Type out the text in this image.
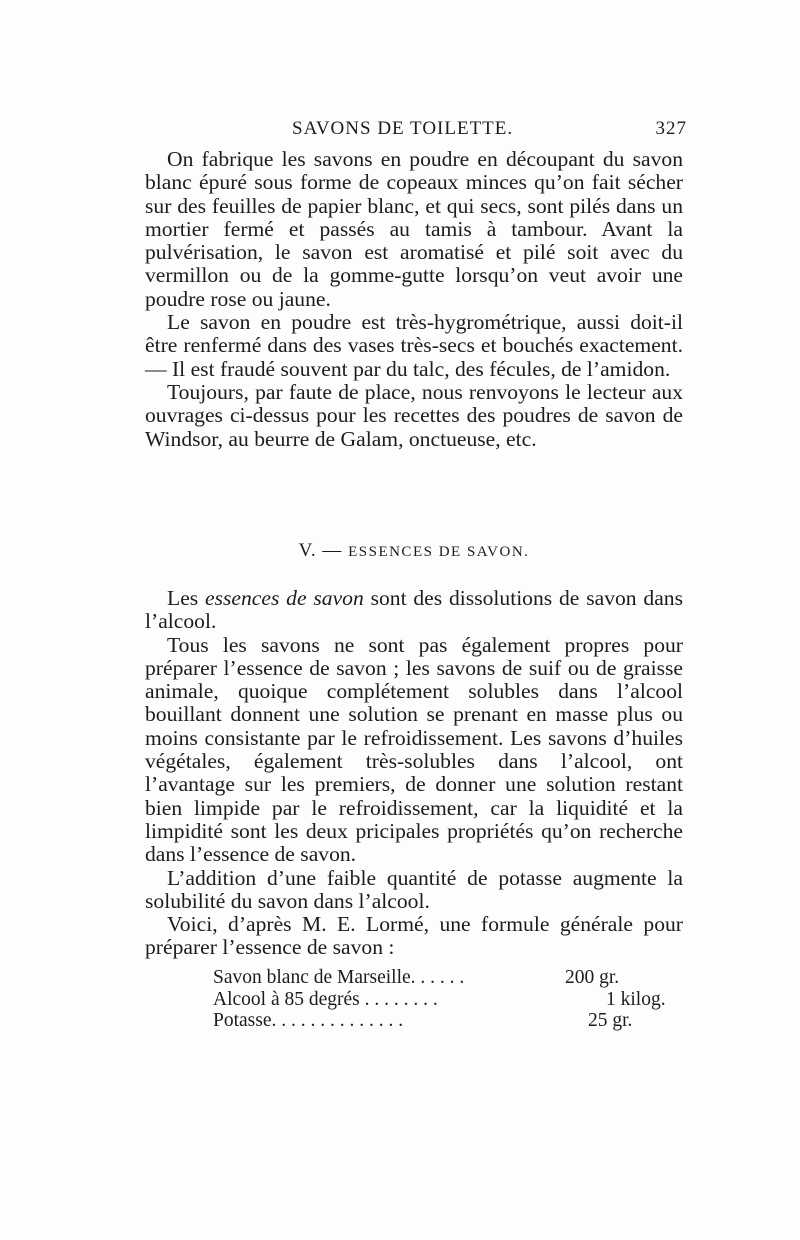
SAVONS DE TOILETTE.	327

On fabrique les savons en poudre en découpant du savon blanc épuré sous forme de copeaux minces qu’on fait sécher sur des feuilles de papier blanc, et qui secs, sont pilés dans un mortier fermé et passés au tamis à tambour. Avant la pulvérisation, le savon est aromatisé et pilé soit avec du vermillon ou de la gomme-gutte lorsqu’on veut avoir une poudre rose ou jaune.

Le savon en poudre est très-hygrométrique, aussi doit-il être renfermé dans des vases très-secs et bouchés exactement. — Il est fraudé souvent par du talc, des fécules, de l’amidon.

Toujours, par faute de place, nous renvoyons le lecteur aux ouvrages ci-dessus pour les recettes des poudres de savon de Windsor, au beurre de Galam, onctueuse, etc.

V. — ESSENCES DE SAVON.

Les essences de savon sont des dissolutions de savon dans l’alcool.

Tous les savons ne sont pas également propres pour préparer l’essence de savon ; les savons de suif ou de graisse animale, quoique complétement solubles dans l’alcool bouillant donnent une solution se prenant en masse plus ou moins consistante par le refroidissement. Les savons d’huiles végétales, également très-solubles dans l’alcool, ont l’avantage sur les premiers, de donner une solution restant bien limpide par le refroidissement, car la liquidité et la limpidité sont les deux pricipales propriétés qu’on recherche dans l’essence de savon.

L’addition d’une faible quantité de potasse augmente la solubilité du savon dans l’alcool.

Voici, d’après M. E. Lormé, une formule générale pour préparer l’essence de savon :

Savon blanc de Marseille. . . . . .	200 gr.
Alcool à 85 degrés . . . . . . . .	1 kilog.
Potasse. . . . . . . . . . . . . .	25 gr.
